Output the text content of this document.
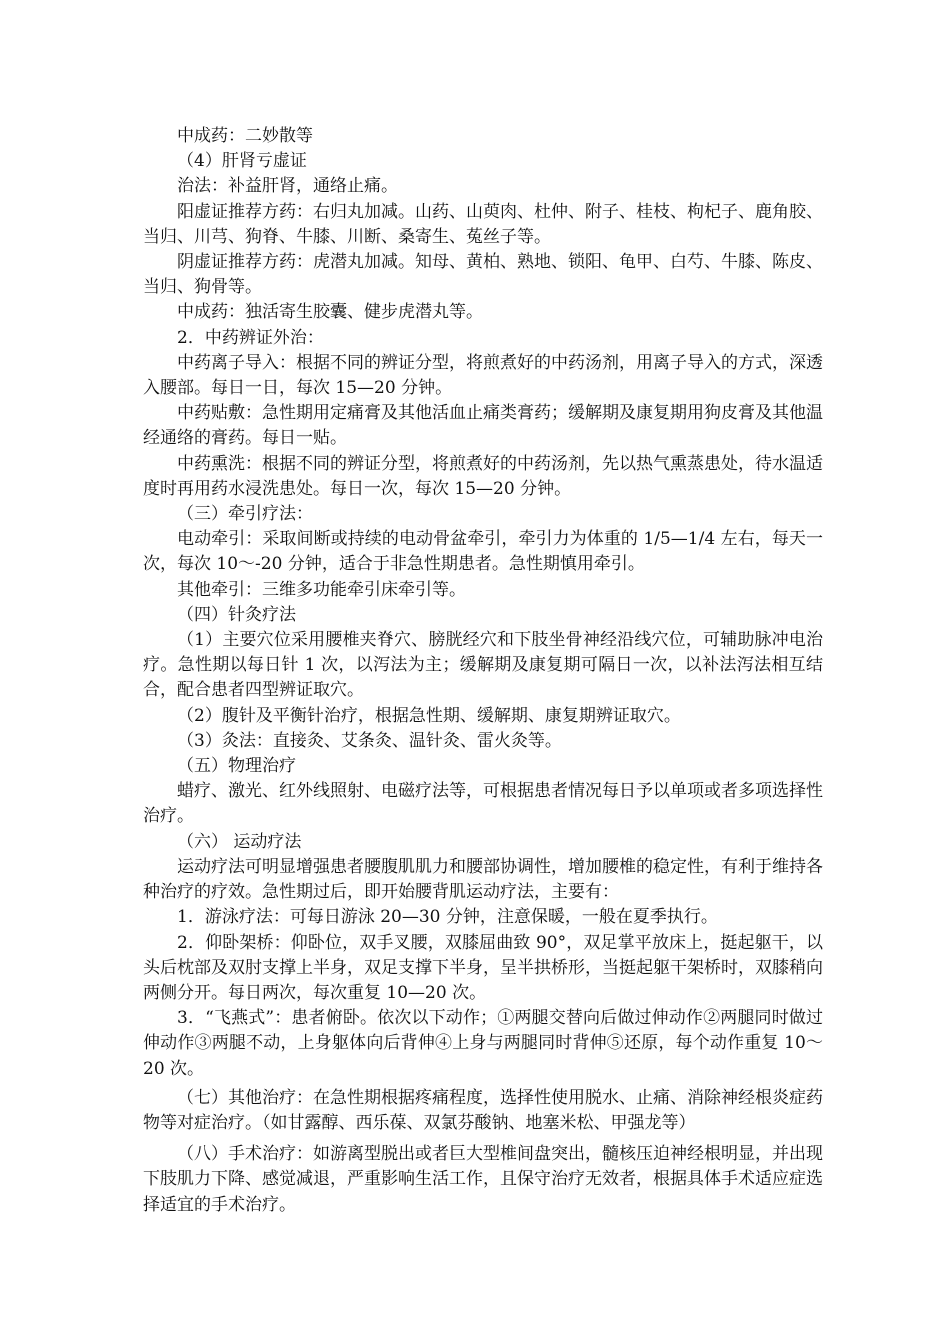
中成药：二妙散等

（4）肝肾亏虚证

治法：补益肝肾，通络止痛。

阳虚证推荐方药：右归丸加减。山药、山萸肉、杜仲、附子、桂枝、枸杞子、鹿角胶、当归、川芎、狗脊、牛膝、川断、桑寄生、菟丝子等。

阴虚证推荐方药：虎潜丸加减。知母、黄柏、熟地、锁阳、龟甲、白芍、牛膝、陈皮、当归、狗骨等。

中成药：独活寄生胶囊、健步虎潜丸等。

2．中药辨证外治：

中药离子导入：根据不同的辨证分型，将煎煮好的中药汤剂，用离子导入的方式，深透入腰部。每日一日，每次 15—20 分钟。

中药贴敷：急性期用定痛膏及其他活血止痛类膏药；缓解期及康复期用狗皮膏及其他温经通络的膏药。每日一贴。

中药熏洗：根据不同的辨证分型，将煎煮好的中药汤剂，先以热气熏蒸患处，待水温适度时再用药水浸洗患处。每日一次，每次 15—20 分钟。

（三）牵引疗法：

电动牵引：采取间断或持续的电动骨盆牵引，牵引力为体重的 1/5—1/4 左右，每天一次，每次 10～-20 分钟，适合于非急性期患者。急性期慎用牵引。

其他牵引：三维多功能牵引床牵引等。

（四）针灸疗法

（1）主要穴位采用腰椎夹脊穴、膀胱经穴和下肢坐骨神经沿线穴位，可辅助脉冲电治疗。急性期以每日针 1 次，以泻法为主；缓解期及康复期可隔日一次，以补法泻法相互结合，配合患者四型辨证取穴。

（2）腹针及平衡针治疗，根据急性期、缓解期、康复期辨证取穴。

（3）灸法：直接灸、艾条灸、温针灸、雷火灸等。

（五）物理治疗

蜡疗、激光、红外线照射、电磁疗法等，可根据患者情况每日予以单项或者多项选择性治疗。

（六） 运动疗法

运动疗法可明显增强患者腰腹肌肌力和腰部协调性，增加腰椎的稳定性，有利于维持各种治疗的疗效。急性期过后，即开始腰背肌运动疗法，主要有：

1．游泳疗法：可每日游泳 20—30 分钟，注意保暖，一般在夏季执行。

2．仰卧架桥：仰卧位，双手叉腰，双膝屈曲致 90°，双足掌平放床上，挺起躯干，以头后枕部及双肘支撑上半身，双足支撑下半身，呈半拱桥形，当挺起躯干架桥时，双膝稍向两侧分开。每日两次，每次重复 10—20 次。

3．“飞燕式”：患者俯卧。依次以下动作；①两腿交替向后做过伸动作②两腿同时做过伸动作③两腿不动，上身躯体向后背伸④上身与两腿同时背伸⑤还原，每个动作重复 10～20 次。

（七）其他治疗：在急性期根据疼痛程度，选择性使用脱水、止痛、消除神经根炎症药物等对症治疗。（如甘露醇、西乐葆、双氯芬酸钠、地塞米松、甲强龙等）

（八）手术治疗：如游离型脱出或者巨大型椎间盘突出，髓核压迫神经根明显，并出现下肢肌力下降、感觉减退，严重影响生活工作，且保守治疗无效者，根据具体手术适应症选择适宜的手术治疗。
